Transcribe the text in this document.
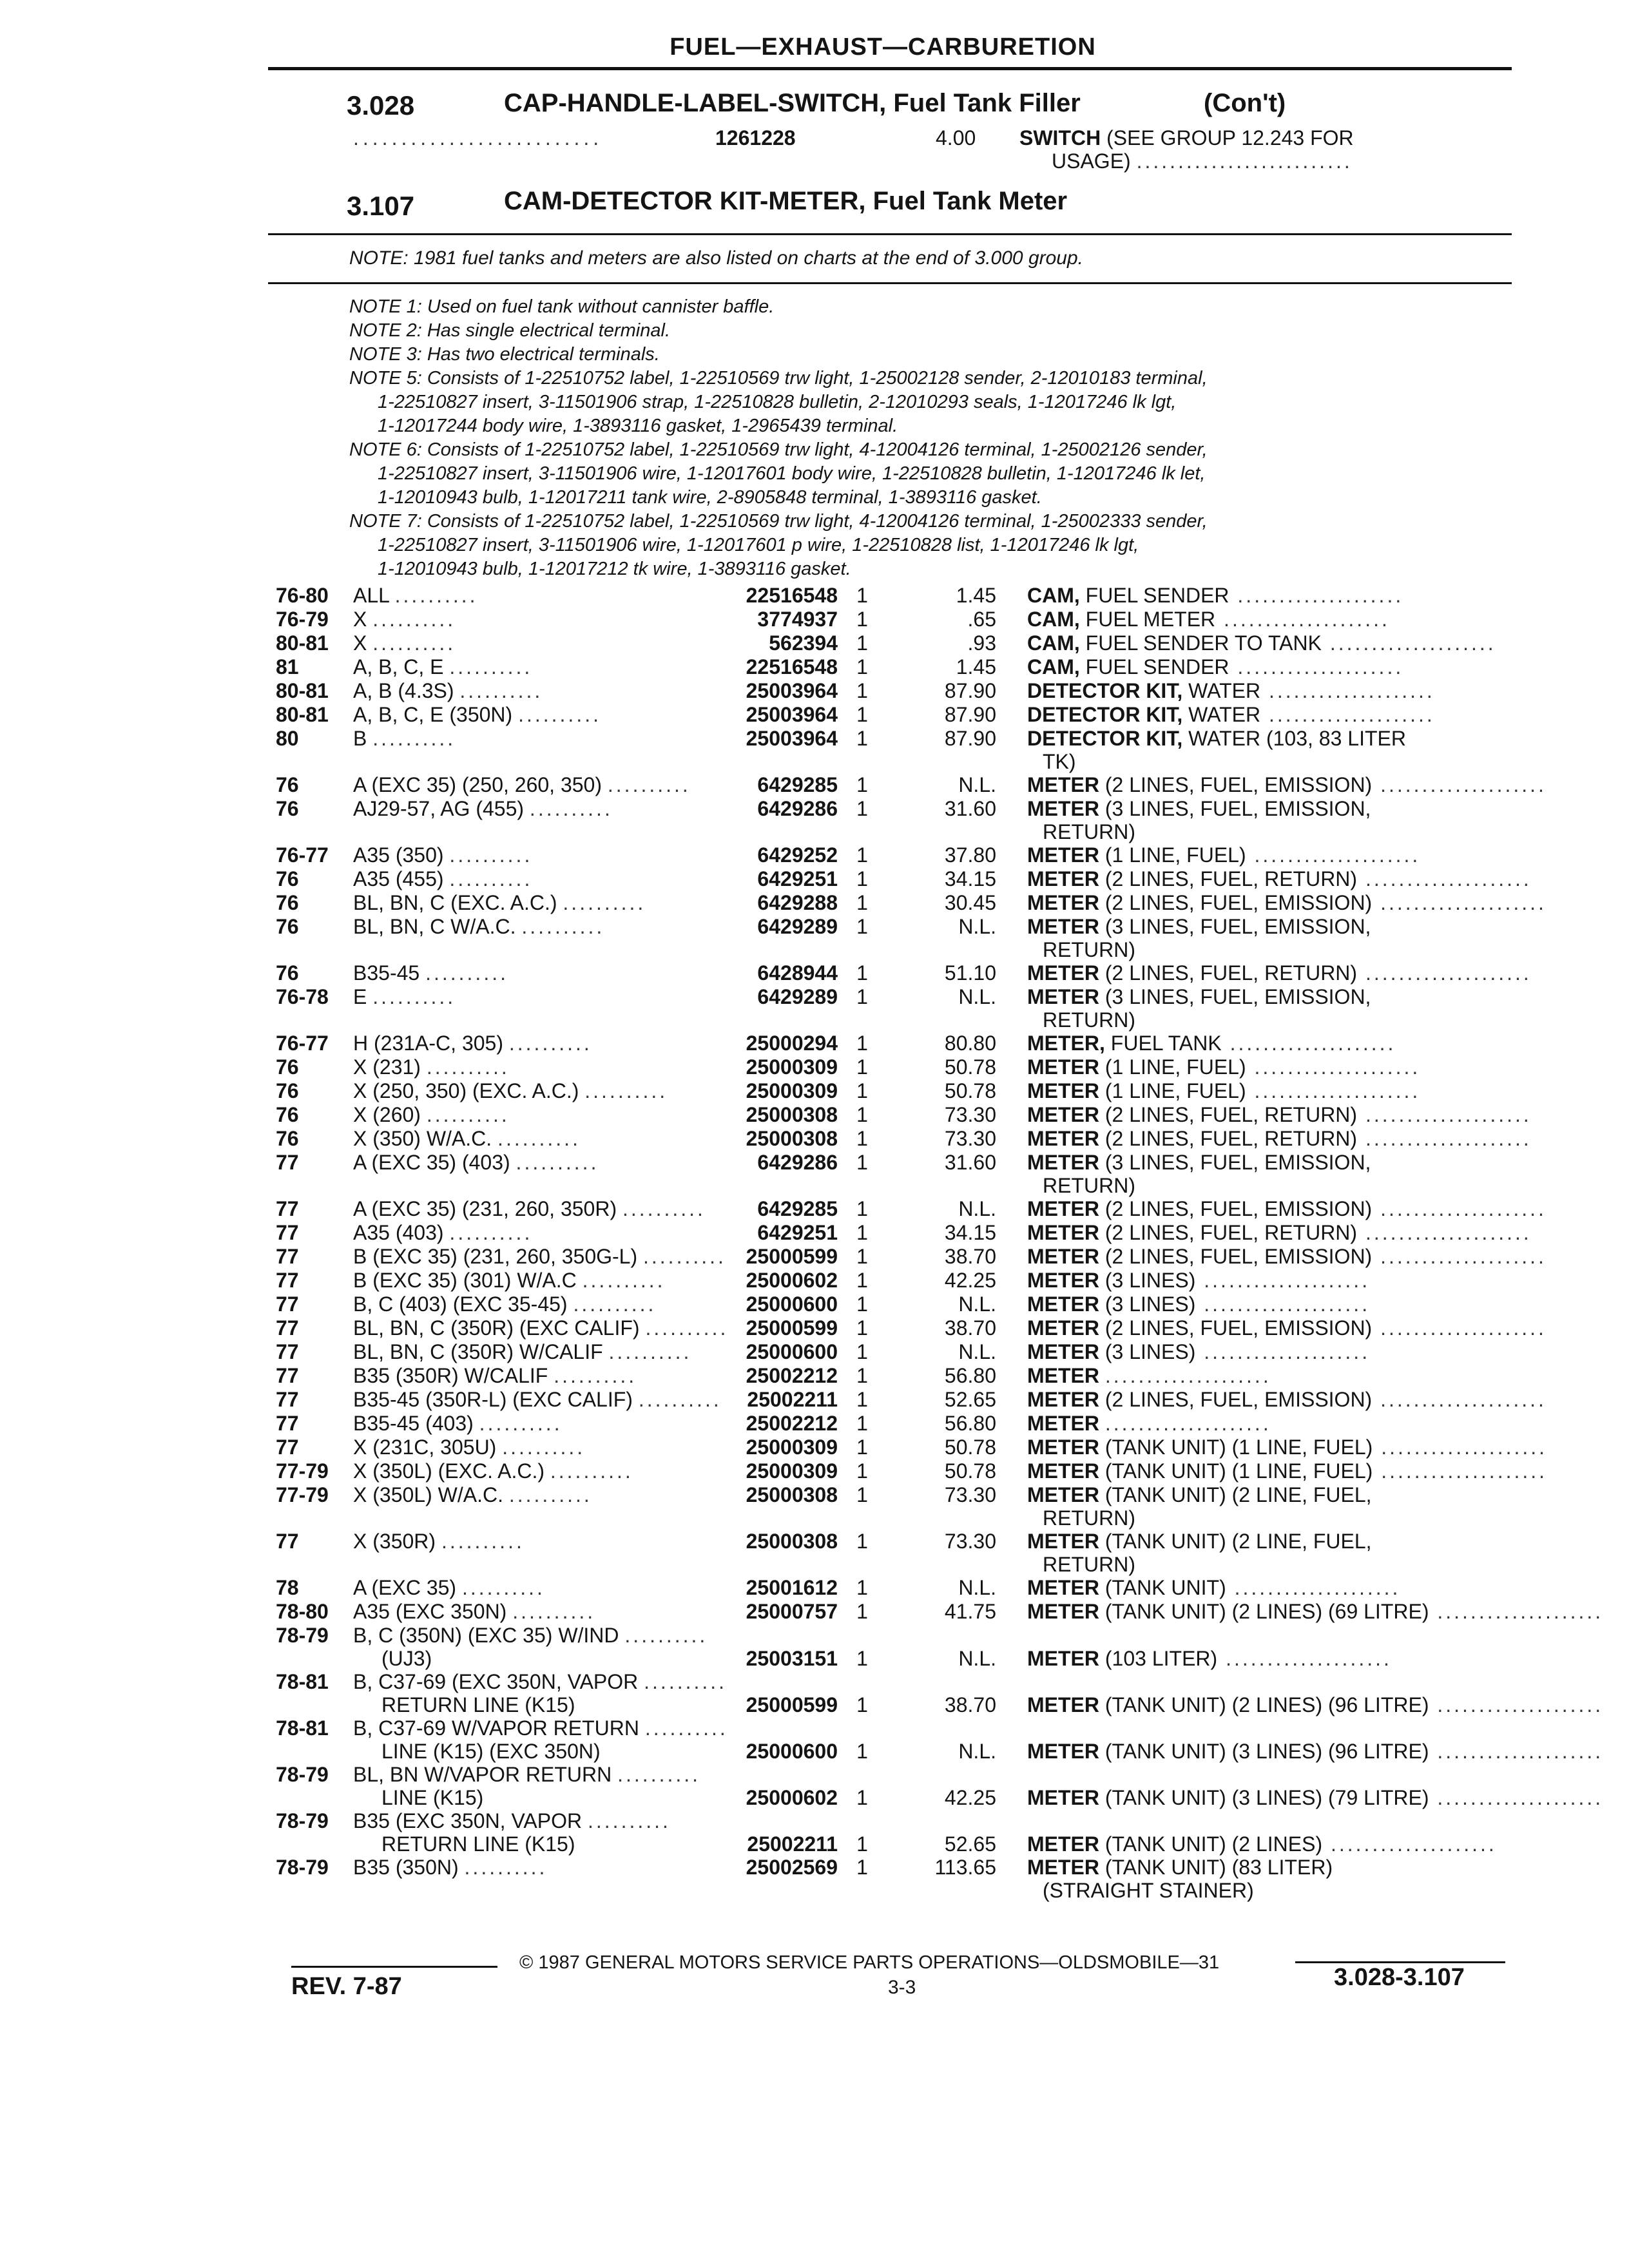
FUEL—EXHAUST—CARBURETION
3.028	CAP-HANDLE-LABEL-SWITCH, Fuel Tank Filler	(Con't)
..........................	1261228	4.00 SWITCH (SEE GROUP 12.243 FOR
USAGE) ..........................
3.107	CAM-DETECTOR KIT-METER, Fuel Tank Meter
NOTE: 1981 fuel tanks and meters are also listed on charts at the end of 3.000 group.
NOTE 1: Used on fuel tank without cannister baffle.
NOTE 2: Has single electrical terminal.
NOTE 3: Has two electrical terminals.
NOTE 5: Consists of 1-22510752 label, 1-22510569 trw light, 1-25002128 sender, 2-12010183 terminal,
1-22510827 insert, 3-11501906 strap, 1-22510828 bulletin, 2-12010293 seals, 1-12017246 lk lgt,
1-12017244 body wire, 1-3893116 gasket, 1-2965439 terminal.
NOTE 6: Consists of 1-22510752 label, 1-22510569 trw light, 4-12004126 terminal, 1-25002126 sender,
1-22510827 insert, 3-11501906 wire, 1-12017601 body wire, 1-22510828 bulletin, 1-12017246 lk let,
1-12010943 bulb, 1-12017211 tank wire, 2-8905848 terminal, 1-3893116 gasket.
NOTE 7: Consists of 1-22510752 label, 1-22510569 trw light, 4-12004126 terminal, 1-25002333 sender,
1-22510827 insert, 3-11501906 wire, 1-12017601 p wire, 1-22510828 list, 1-12017246 lk lgt,
1-12010943 bulb, 1-12017212 tk wire, 1-3893116 gasket.
76-80 ALL ..........	22516548 1	1.45 CAM, FUEL SENDER ....................
76-79 X ..........	3774937 1	.65 CAM, FUEL METER ....................
80-81 X ..........	562394 1	.93 CAM, FUEL SENDER TO TANK ....................
81	A, B, C, E ..........	22516548 1	1.45 CAM, FUEL SENDER ....................
80-81 A, B (4.3S) ..........	25003964 1	87.90 DETECTOR KIT, WATER ....................
80-81 A, B, C, E (350N) ..........	25003964 1	87.90 DETECTOR KIT, WATER ....................
80	B ..........	25003964 1	87.90 DETECTOR KIT, WATER (103, 83 LITER
TK)
76	A (EXC 35) (250, 260, 350) ..........	6429285 1	N.L. METER (2 LINES, FUEL, EMISSION) ....................
76	AJ29-57, AG (455) ..........	6429286 1	31.60 METER (3 LINES, FUEL, EMISSION,
RETURN)
76-77 A35 (350) ..........	6429252 1	37.80 METER (1 LINE, FUEL) ....................
76	A35 (455) ..........	6429251 1	34.15 METER (2 LINES, FUEL, RETURN) ....................
76	BL, BN, C (EXC. A.C.) ..........	6429288 1	30.45 METER (2 LINES, FUEL, EMISSION) ....................
76	BL, BN, C W/A.C. ..........	6429289 1	N.L. METER (3 LINES, FUEL, EMISSION,
RETURN)
76	B35-45 ..........	6428944 1	51.10 METER (2 LINES, FUEL, RETURN) ....................
76-78 E ..........	6429289 1	N.L. METER (3 LINES, FUEL, EMISSION,
RETURN)
76-77 H (231A-C, 305) ..........	25000294 1	80.80 METER, FUEL TANK ....................
76	X (231) ..........	25000309 1	50.78 METER (1 LINE, FUEL) ....................
76	X (250, 350) (EXC. A.C.) ..........	25000309 1	50.78 METER (1 LINE, FUEL) ....................
76	X (260) ..........	25000308 1	73.30 METER (2 LINES, FUEL, RETURN) ....................
76	X (350) W/A.C. ..........	25000308 1	73.30 METER (2 LINES, FUEL, RETURN) ....................
77	A (EXC 35) (403) ..........	6429286 1	31.60 METER (3 LINES, FUEL, EMISSION,
RETURN)
77	A (EXC 35) (231, 260, 350R) ..........	6429285 1	N.L. METER (2 LINES, FUEL, EMISSION) ....................
77	A35 (403) ..........	6429251 1	34.15 METER (2 LINES, FUEL, RETURN) ....................
77	B (EXC 35) (231, 260, 350G-L) .......... 25000599 1	38.70 METER (2 LINES, FUEL, EMISSION) ....................
77	B (EXC 35) (301) W/A.C ..........	25000602 1	42.25 METER (3 LINES) ....................
77	B, C (403) (EXC 35-45) ..........	25000600 1	N.L. METER (3 LINES) ....................
77	BL, BN, C (350R) (EXC CALIF) .......... 25000599 1	38.70 METER (2 LINES, FUEL, EMISSION) ....................
77	BL, BN, C (350R) W/CALIF ..........	25000600 1	N.L. METER (3 LINES) ....................
77	B35 (350R) W/CALIF ..........	25002212 1	56.80 METER ....................
77	B35-45 (350R-L) (EXC CALIF) ..........	25002211 1	52.65 METER (2 LINES, FUEL, EMISSION) ....................
77	B35-45 (403) ..........	25002212 1	56.80 METER ....................
77	X (231C, 305U) ..........	25000309 1	50.78 METER (TANK UNIT) (1 LINE, FUEL) ....................
77-79 X (350L) (EXC. A.C.) ..........	25000309 1	50.78 METER (TANK UNIT) (1 LINE, FUEL) ....................
77-79 X (350L) W/A.C. ..........	25000308 1	73.30 METER (TANK UNIT) (2 LINE, FUEL,
RETURN)
77	X (350R) ..........	25000308 1	73.30 METER (TANK UNIT) (2 LINE, FUEL,
RETURN)
78	A (EXC 35) ..........	25001612 1	N.L. METER (TANK UNIT) ....................
78-80 A35 (EXC 350N) ..........	25000757 1	41.75 METER (TANK UNIT) (2 LINES) (69 LITRE) ....................
78-79 B, C (350N) (EXC 35) W/IND ..........
(UJ3)	25003151 1	N.L. METER (103 LITER) ....................
78-81 B, C37-69 (EXC 350N, VAPOR ..........
RETURN LINE (K15)	25000599 1	38.70 METER (TANK UNIT) (2 LINES) (96 LITRE) ....................
78-81 B, C37-69 W/VAPOR RETURN ..........
LINE (K15) (EXC 350N)	25000600 1	N.L. METER (TANK UNIT) (3 LINES) (96 LITRE) ....................
78-79 BL, BN W/VAPOR RETURN ..........
LINE (K15)	25000602 1	42.25 METER (TANK UNIT) (3 LINES) (79 LITRE) ....................
78-79 B35 (EXC 350N, VAPOR ..........
RETURN LINE (K15)	25002211 1	52.65 METER (TANK UNIT) (2 LINES) ....................
78-79 B35 (350N) ..........	25002569 1	113.65 METER (TANK UNIT) (83 LITER)
(STRAIGHT STAINER)
© 1987 GENERAL MOTORS SERVICE PARTS OPERATIONS—OLDSMOBILE—31
REV. 7-87	3-3	3.028-3.107
